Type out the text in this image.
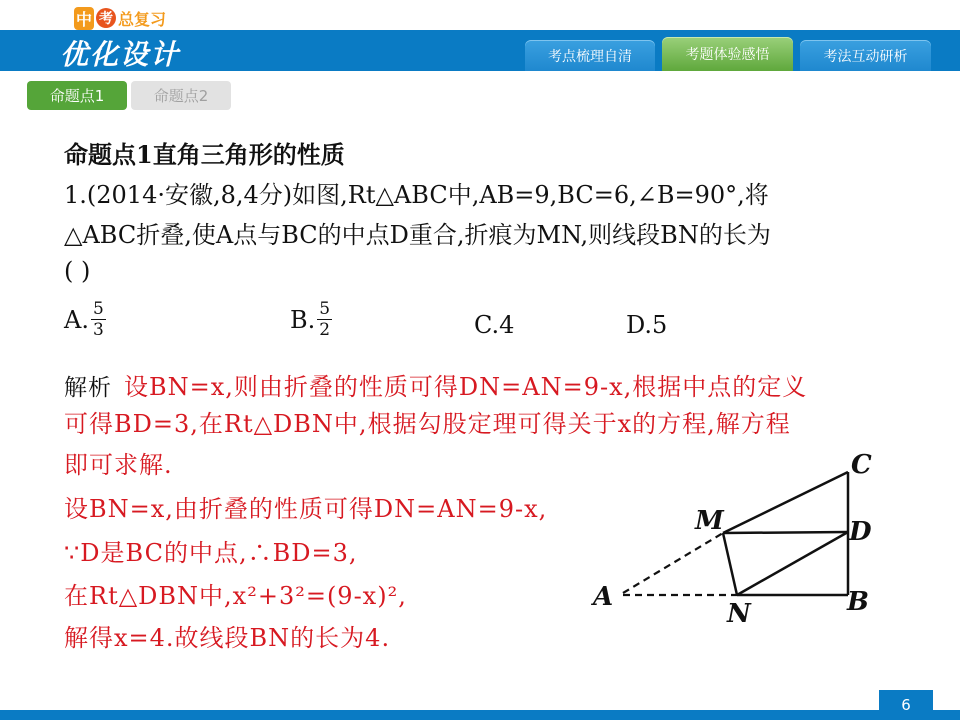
中 考 总复习
优化设计	考点梳理自清	考题体验感悟	考法互动研析
命题点1	命题点2
命题点1直角三角形的性质
1.(2014·安徽,8,4分)如图,Rt△ABC中,AB=9,BC=6,∠B=90°,将
△ABC折叠,使A点与BC的中点D重合,折痕为MN,则线段BN的长为
( )
A. $\frac{5}{3}$	B. $\frac{5}{2}$	C.4	D.5
解析 设BN=x,则由折叠的性质可得DN=AN=9-x,根据中点的定义
可得BD=3,在Rt△DBN中,根据勾股定理可得关于x的方程,解方程
即可求解.
设BN=x,由折叠的性质可得DN=AN=9-x,
∵D是BC的中点,∴BD=3,
在Rt△DBN中,x²+3²=(9-x)²,
解得x=4.故线段BN的长为4.
C
D
B
M
N
A
6
